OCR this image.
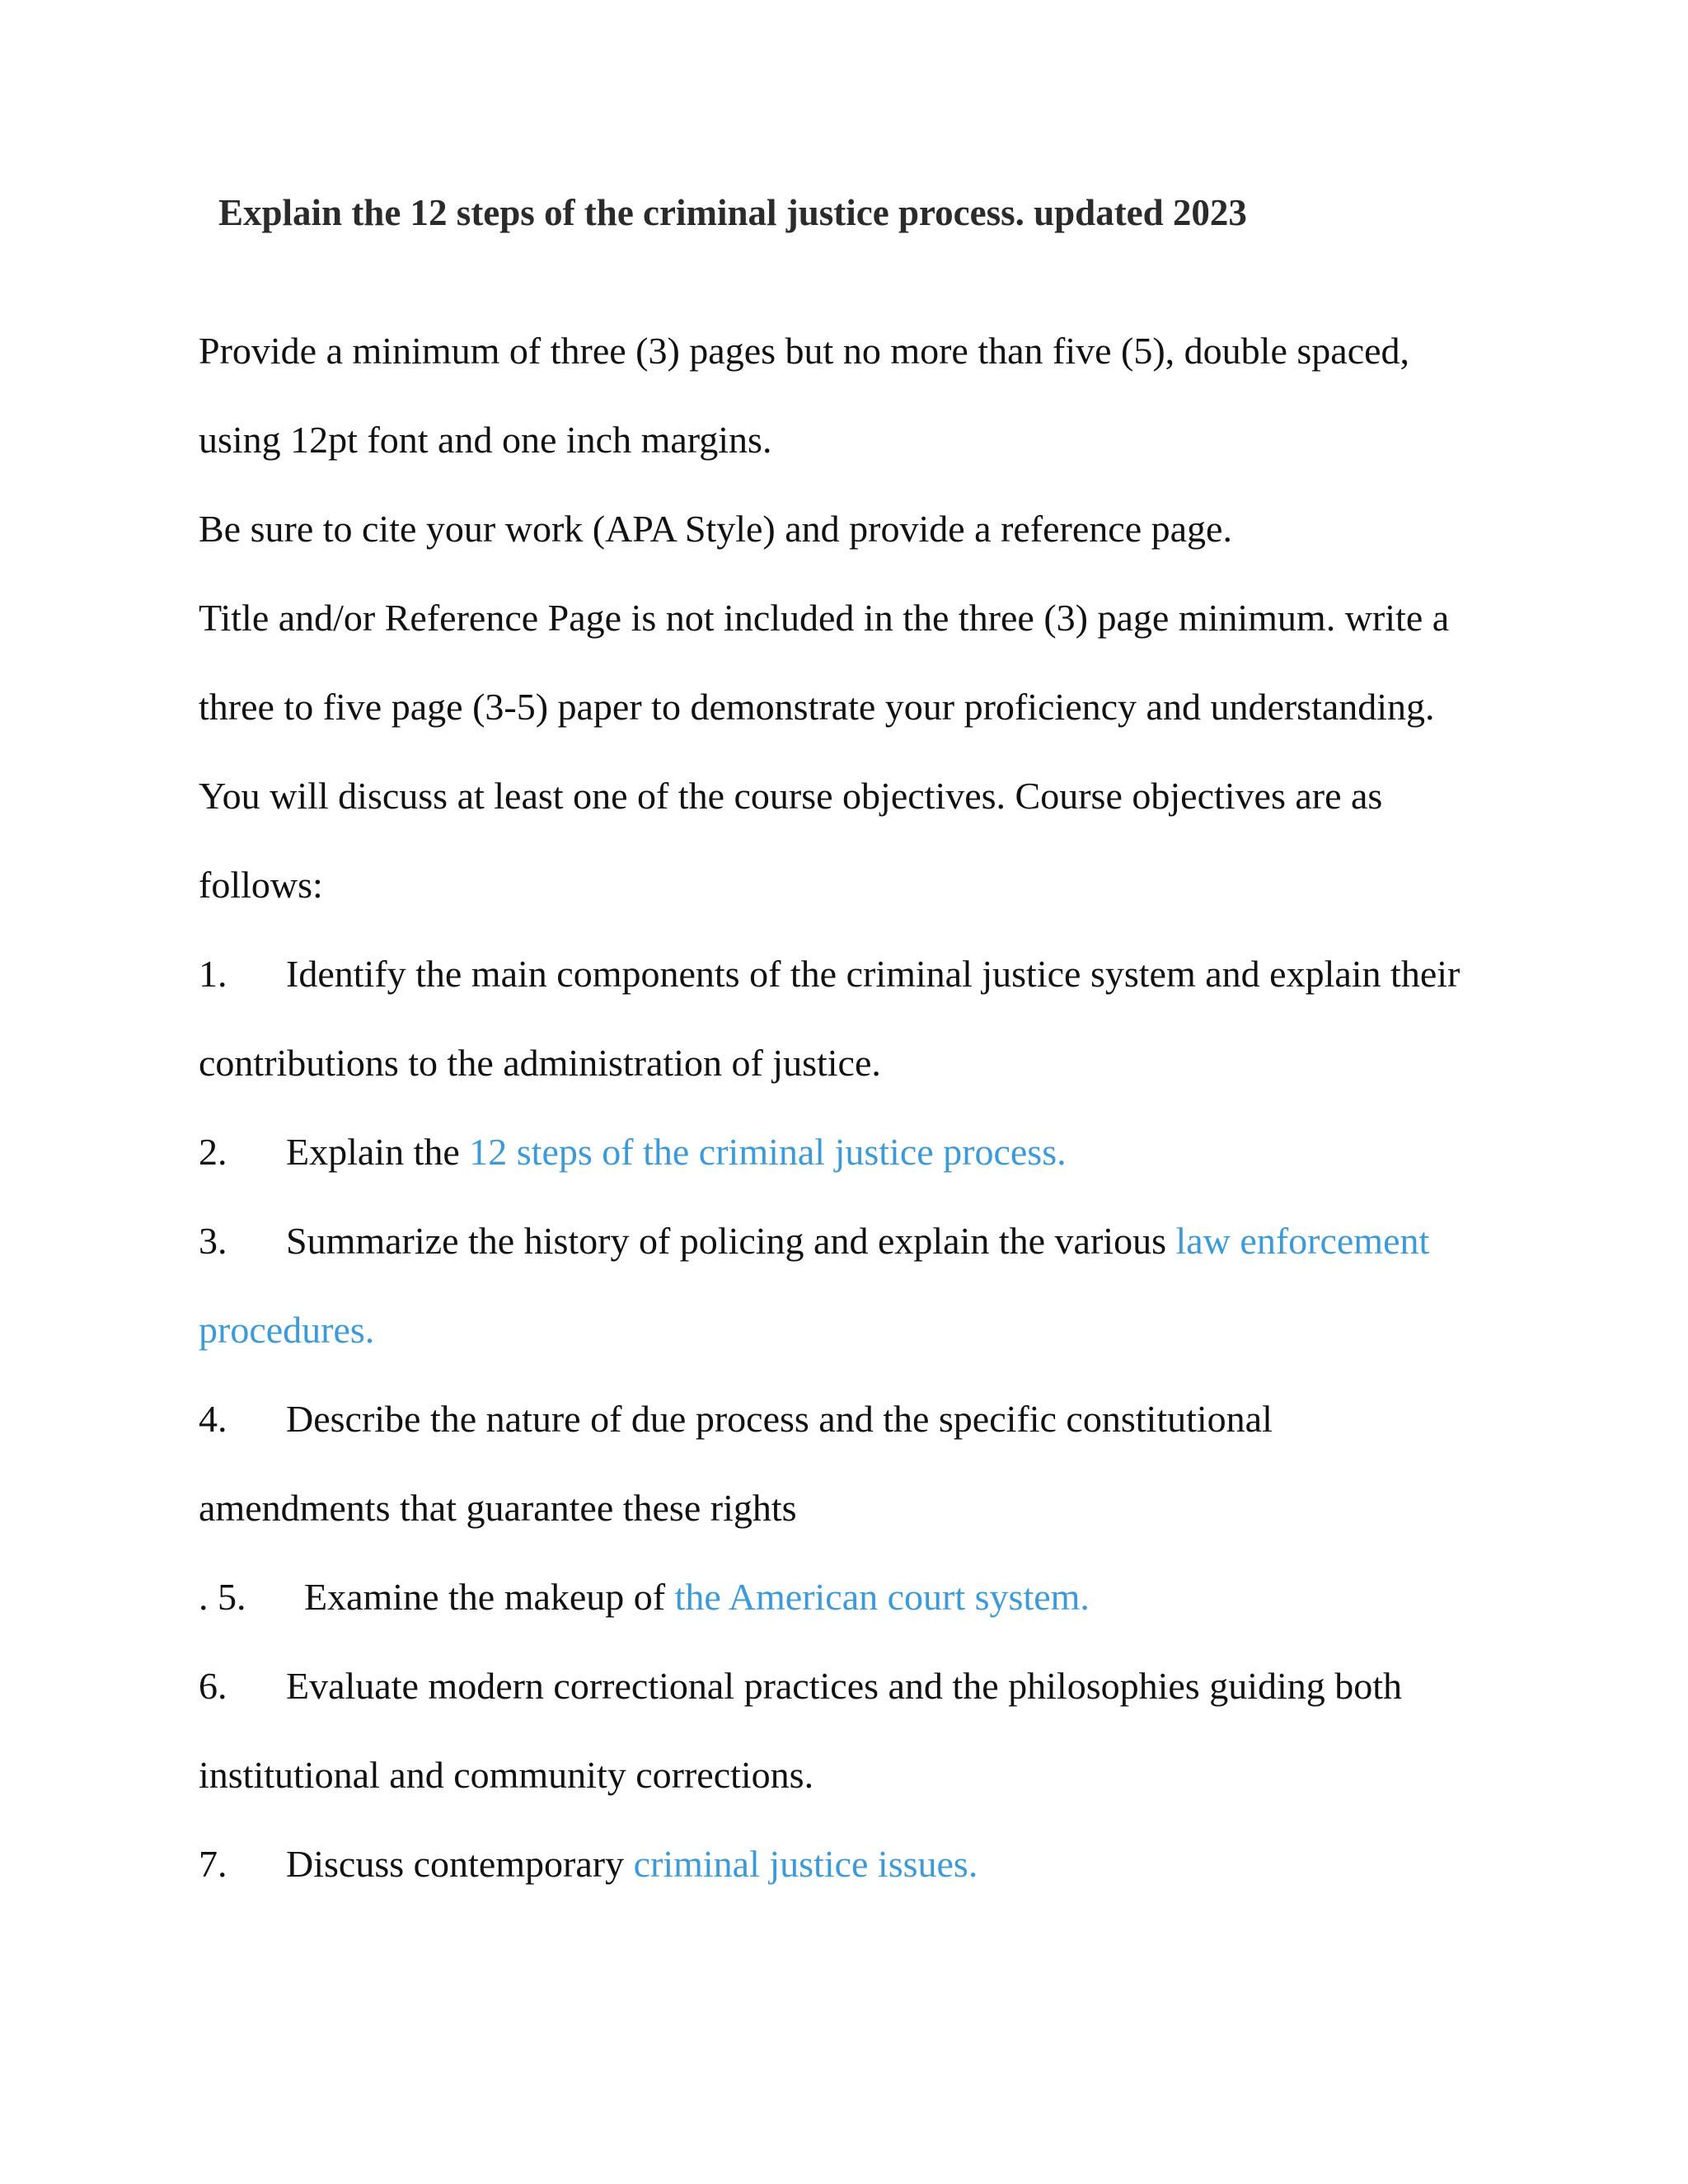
Explain the 12 steps of the criminal justice process. updated 2023
Provide a minimum of three (3) pages but no more than five (5), double spaced,
using 12pt font and one inch margins.
Be sure to cite your work (APA Style) and provide a reference page.
Title and/or Reference Page is not included in the three (3) page minimum. write a
three to five page (3-5) paper to demonstrate your proficiency and understanding.
You will discuss at least one of the course objectives. Course objectives are as
follows:
1. Identify the main components of the criminal justice system and explain their
contributions to the administration of justice.
2. Explain the 12 steps of the criminal justice process.
3. Summarize the history of policing and explain the various law enforcement
procedures.
4. Describe the nature of due process and the specific constitutional
amendments that guarantee these rights
. 5. Examine the makeup of the American court system.
6. Evaluate modern correctional practices and the philosophies guiding both
institutional and community corrections.
7. Discuss contemporary criminal justice issues.
